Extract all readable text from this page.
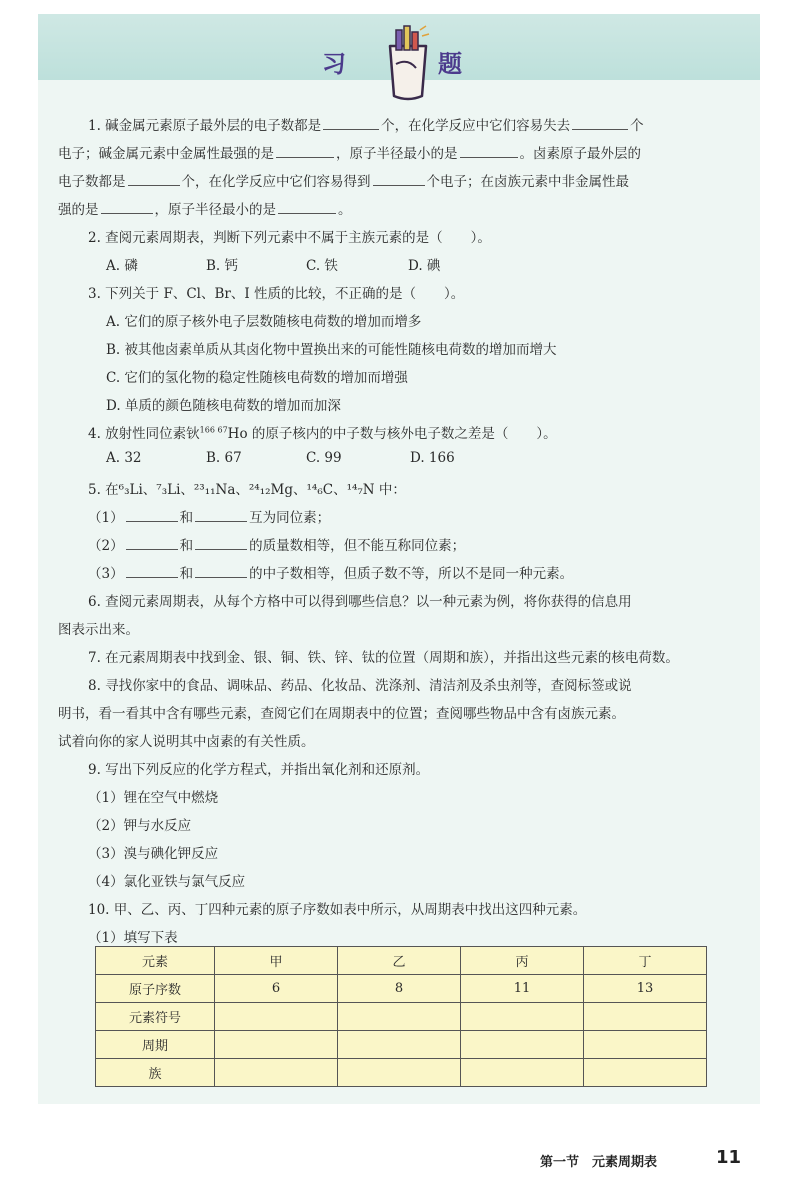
习	题
1. 碱金属元素原子最外层的电子数都是	个，在化学反应中它们容易失去	个
电子；碱金属元素中金属性最强的是	，原子半径最小的是	。卤素原子最外层的
电子数都是	个，在化学反应中它们容易得到	个电子；在卤族元素中非金属性最
强的是	，原子半径最小的是	。
2. 查阅元素周期表，判断下列元素中不属于主族元素的是（ ）。
A. 磷	B. 钙	C. 铁	D. 碘
3. 下列关于 F、Cl、Br、I 性质的比较，不正确的是（ ）。
A. 它们的原子核外电子层数随核电荷数的增加而增多
B. 被其他卤素单质从其卤化物中置换出来的可能性随核电荷数的增加而增大
C. 它们的氢化物的稳定性随核电荷数的增加而增强
D. 单质的颜色随核电荷数的增加而加深
4. 放射性同位素钬$^{166 67}$Ho 的原子核内的中子数与核外电子数之差是（ ）。
A. 32	B. 67	C. 99	D. 166
5. 在⁶₃Li、⁷₃Li、²³₁₁Na、²⁴₁₂Mg、¹⁴₆C、¹⁴₇N 中：
（1）	和	互为同位素；
（2）	和	的质量数相等，但不能互称同位素；
（3）	和	的中子数相等，但质子数不等，所以不是同一种元素。
6. 查阅元素周期表，从每个方格中可以得到哪些信息？以一种元素为例，将你获得的信息用
图表示出来。
7. 在元素周期表中找到金、银、铜、铁、锌、钛的位置（周期和族），并指出这些元素的核电荷数。
8. 寻找你家中的食品、调味品、药品、化妆品、洗涤剂、清洁剂及杀虫剂等，查阅标签或说
明书，看一看其中含有哪些元素，查阅它们在周期表中的位置；查阅哪些物品中含有卤族元素。
试着向你的家人说明其中卤素的有关性质。
9. 写出下列反应的化学方程式，并指出氧化剂和还原剂。
（1）锂在空气中燃烧
（2）钾与水反应
（3）溴与碘化钾反应
（4）氯化亚铁与氯气反应
10. 甲、乙、丙、丁四种元素的原子序数如表中所示，从周期表中找出这四种元素。
（1）填写下表
元素	甲	乙	丙	丁
原子序数	6	8	11	13
元素符号				
周期				
族				
第一节　元素周期表	11
